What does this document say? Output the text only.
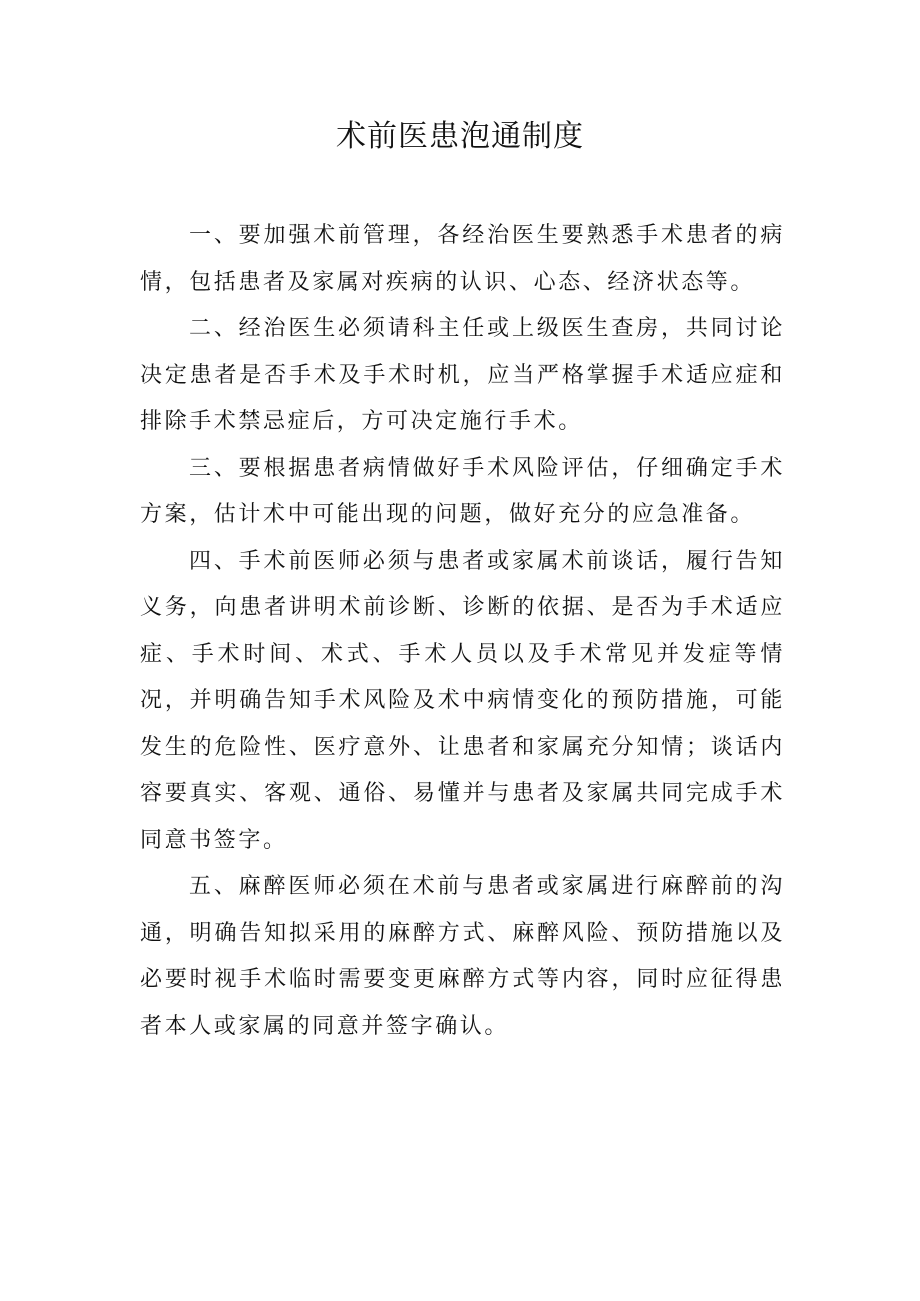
术前医患泡通制度

一、要加强术前管理，各经治医生要熟悉手术患者的病情，包括患者及家属对疾病的认识、心态、经济状态等。

二、经治医生必须请科主任或上级医生查房，共同讨论决定患者是否手术及手术时机，应当严格掌握手术适应症和排除手术禁忌症后，方可决定施行手术。

三、要根据患者病情做好手术风险评估，仔细确定手术方案，估计术中可能出现的问题，做好充分的应急准备。

四、手术前医师必须与患者或家属术前谈话，履行告知义务，向患者讲明术前诊断、诊断的依据、是否为手术适应症、手术时间、术式、手术人员以及手术常见并发症等情况，并明确告知手术风险及术中病情变化的预防措施，可能发生的危险性、医疗意外、让患者和家属充分知情；谈话内容要真实、客观、通俗、易懂并与患者及家属共同完成手术同意书签字。

五、麻醉医师必须在术前与患者或家属进行麻醉前的沟通，明确告知拟采用的麻醉方式、麻醉风险、预防措施以及必要时视手术临时需要变更麻醉方式等内容，同时应征得患者本人或家属的同意并签字确认。
